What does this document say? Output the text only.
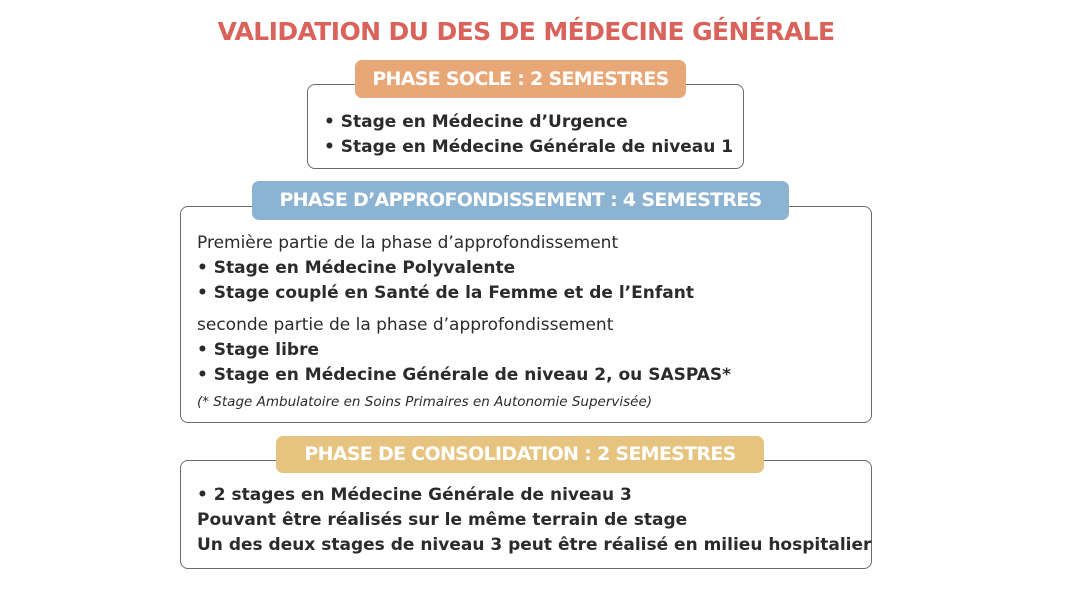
VALIDATION DU DES DE MÉDECINE GÉNÉRALE
PHASE SOCLE : 2 SEMESTRES
• Stage en Médecine d’Urgence
• Stage en Médecine Générale de niveau 1
PHASE D’APPROFONDISSEMENT : 4 SEMESTRES
Première partie de la phase d’approfondissement
• Stage en Médecine Polyvalente
• Stage couplé en Santé de la Femme et de l’Enfant
seconde partie de la phase d’approfondissement
• Stage libre
• Stage en Médecine Générale de niveau 2, ou SASPAS*
(* Stage Ambulatoire en Soins Primaires en Autonomie Supervisée)
PHASE DE CONSOLIDATION : 2 SEMESTRES
• 2 stages en Médecine Générale de niveau 3
Pouvant être réalisés sur le même terrain de stage
Un des deux stages de niveau 3 peut être réalisé en milieu hospitalier
